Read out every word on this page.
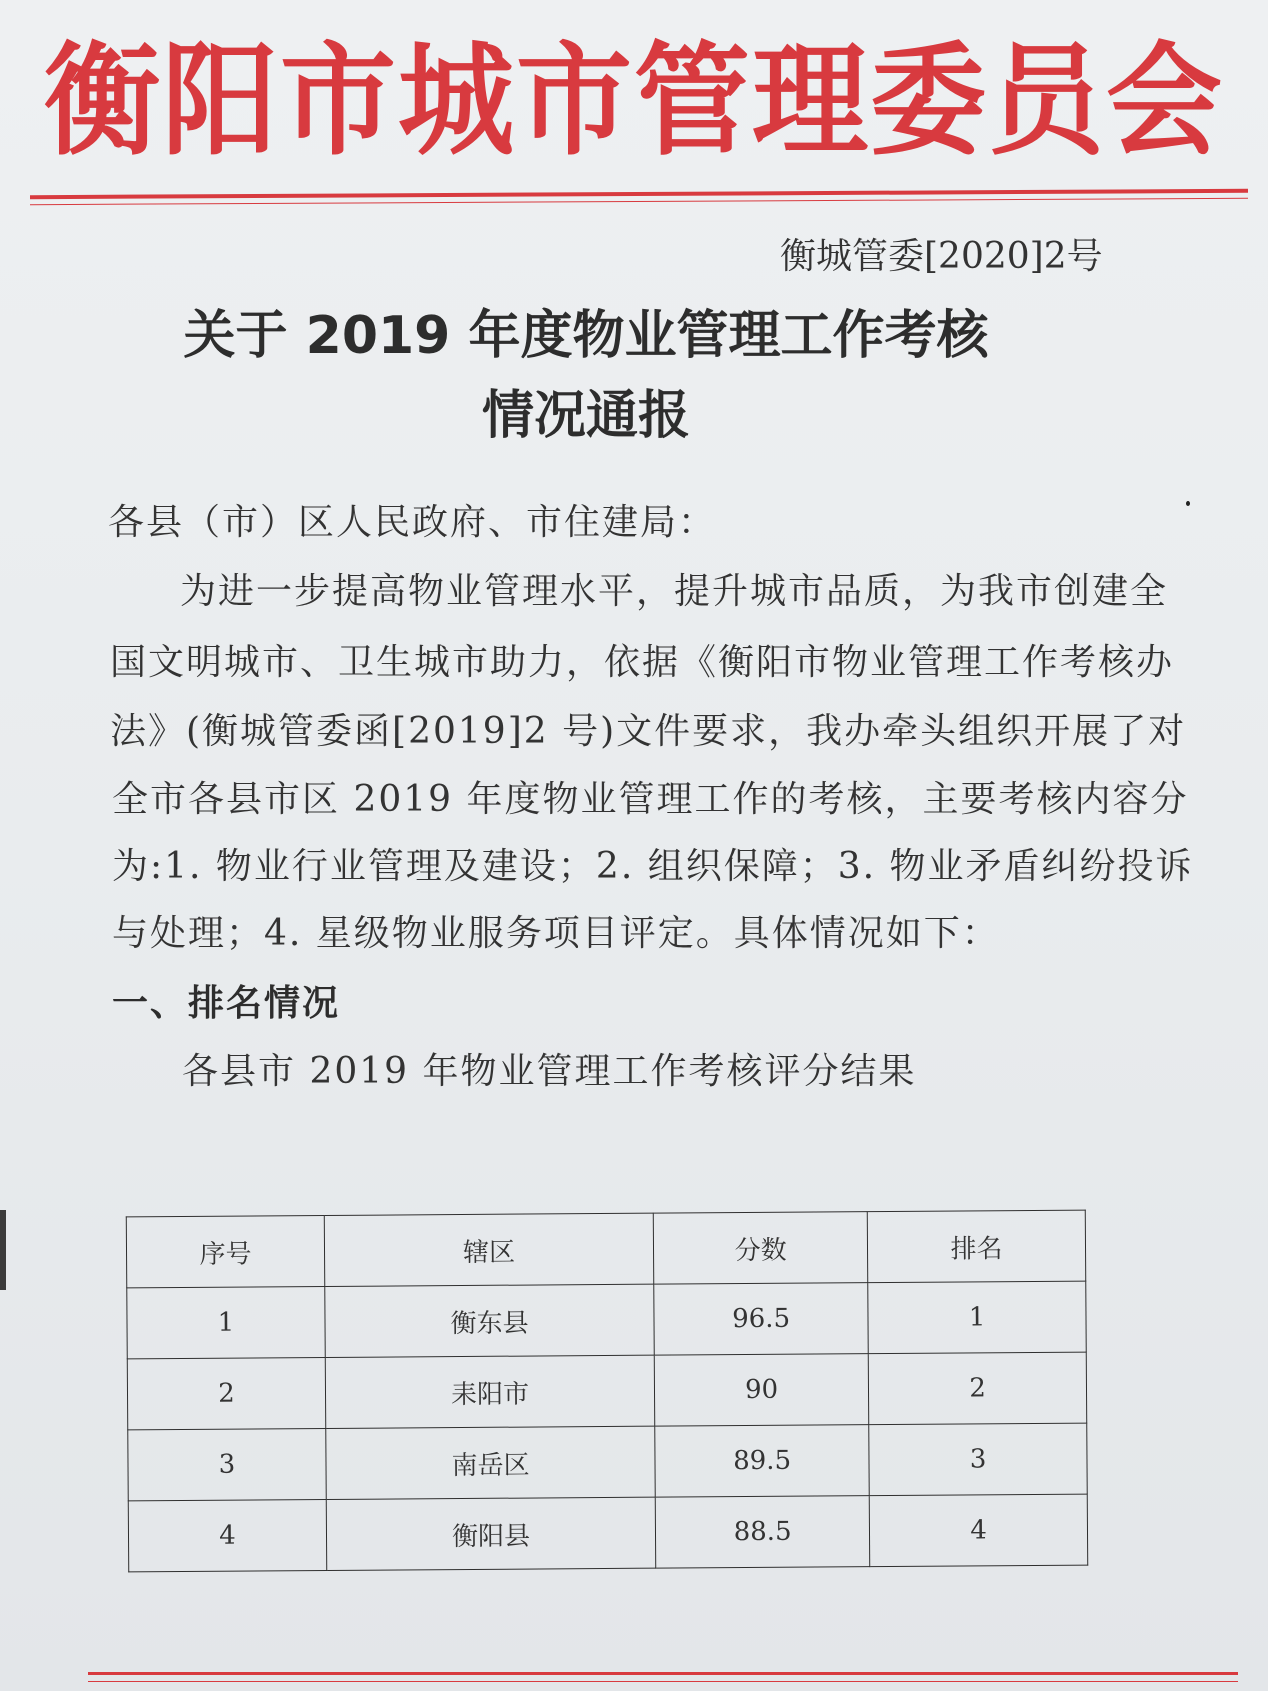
衡阳市城市管理委员会
衡城管委[2020]2号
关于 2019 年度物业管理工作考核
情况通报
各县（市）区人民政府、市住建局：
为进一步提高物业管理水平，提升城市品质，为我市创建全
国文明城市、卫生城市助力，依据《衡阳市物业管理工作考核办
法》(衡城管委函[2019]2 号)文件要求，我办牵头组织开展了对
全市各县市区 2019 年度物业管理工作的考核，主要考核内容分
为:1. 物业行业管理及建设；2. 组织保障；3. 物业矛盾纠纷投诉
与处理；4. 星级物业服务项目评定。具体情况如下：
一、排名情况
各县市 2019 年物业管理工作考核评分结果
序号	辖区	分数	排名
1	衡东县	96.5	1
2	耒阳市	90	2
3	南岳区	89.5	3
4	衡阳县	88.5	4
